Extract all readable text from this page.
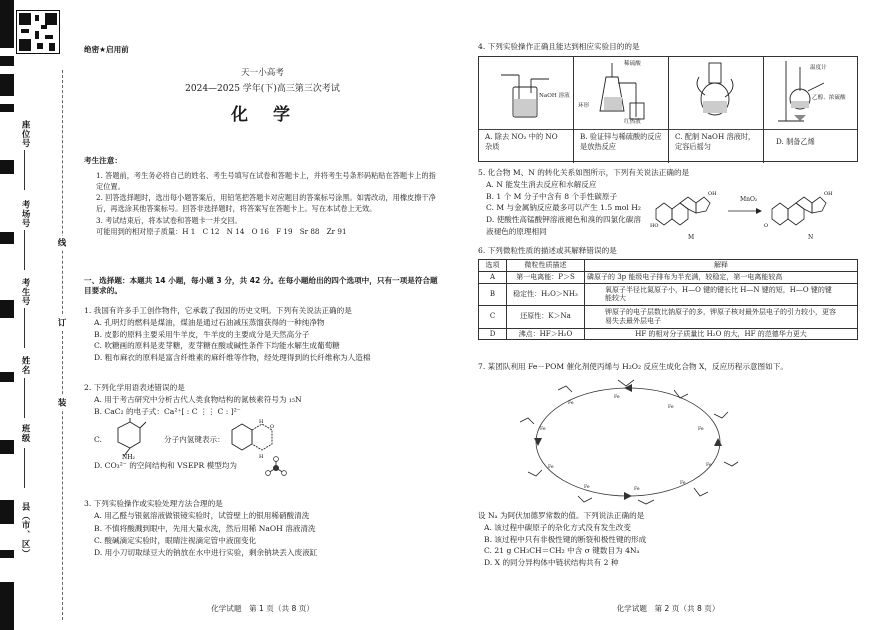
座位号
考场号
考生号
姓名
班级
县（市、区）
线
订
装
绝密★启用前
天一小高考
2024—2025 学年(下)高三第三次考试
化　学
考生注意：
1. 答题前，考生务必将自己的姓名、考生号填写在试卷和答题卡上，并将考生号条形码粘贴在答题卡上的指定位置。
2. 回答选择题时，选出每小题答案后，用铅笔把答题卡对应题目的答案标号涂黑。如需改动，用橡皮擦干净后，再选涂其他答案标号。回答非选择题时，将答案写在答题卡上。写在本试卷上无效。
3. 考试结束后，将本试卷和答题卡一并交回。
可能用到的相对原子质量：H 1　C 12　N 14　O 16　F 19　Sr 88　Zr 91
一、选择题：本题共 14 小题，每小题 3 分，共 42 分。在每小题给出的四个选项中，只有一项是符合题目要求的。
1. 我国有许多手工创作物件，它承载了我国的历史文明。下列有关说法正确的是
A. 孔明灯的燃料是煤油，煤油是通过石油减压蒸馏获得的一种纯净物
B. 皮影的原料主要采用牛羊皮，牛羊皮的主要成分是天然高分子
C. 吹糖画的原料是麦芽糖，麦芽糖在酸或碱性条件下均能水解生成葡萄糖
D. 粗布麻衣的原料是富含纤维素的麻纤维等作物，经处理得到的长纤维称为人造棉
2. 下列化学用语表述错误的是
A. 用于考古研究中分析古代人类食物结构的氮核素符号为 ₁₅N
B. CaC₂ 的电子式：Ca²⁺[ : C ⋮⋮ C : ]²⁻
C.
NH₂
分子内氢键表示：
H
O
H
D. CO₃²⁻ 的空间结构和 VSEPR 模型均为
3. 下列实验操作或实验处理方法合理的是
A. 用乙醛与银氨溶液做银镜实验时，试管壁上的银用稀硝酸清洗
B. 不慎将酸溅到眼中，先用大量水洗，然后用稀 NaOH 溶液清洗
C. 酸碱滴定实验时，眼睛注视滴定管中液面变化
D. 用小刀切取绿豆大的钠放在水中进行实验，剩余钠块丢入废液缸
化学试题　第 1 页（共 8 页）
4. 下列实验操作正确且能达到相应实验目的的是
NaOH 溶液
稀硫酸
环形
红热液
温度计
乙醇、浓硫酸
A. 除去 NO₂ 中的 NO 杂质
B. 验证锌与稀硫酸的反应是放热反应
C. 配制 NaOH 溶液时，定容后摇匀	D. 制备乙烯
5. 化合物 M、N 的转化关系如图所示，下列有关说法正确的是
A. N 能发生消去反应和水解反应
B. 1 个 M 分子中含有 8 个手性碳原子
C. M 与金属钠反应最多可以产生 1.5 mol H₂
D. 使酸性高锰酸钾溶液褪色和溴的四氯化碳溶液褪色的原理相同
HO
OH
O
OH
MnO₂
M	N
6. 下列微粒性质的描述或其解释错误的是
选项	微粒性质描述	解释
A	第一电离能：P＞S	磷原子的 3p 能级电子排布为半充满，较稳定，第一电离能较高
B	稳定性：H₂O＞NH₃	氧原子半径比氮原子小，H—O 键的键长比 H—N 键的短，H—O 键的键能较大
C	还原性：K＞Na	钾原子的电子层数比钠原子的多，钾原子核对最外层电子的引力较小，更容易失去最外层电子
D	沸点：HF＞H₂O	HF 的相对分子质量比 H₂O 的大，HF 的范德华力更大
7. 某团队利用 Fe－POM 催化剂使丙烯与 H₂O₂ 反应生成化合物 X，反应历程示意图如下。
Fe
Fe
Fe
Fe
Fe
Fe
Fe
Fe
Fe
Fe
设 Nₐ 为阿伏加德罗常数的值。下列说法正确的是
A. 该过程中碳原子的杂化方式没有发生改变
B. 该过程中只有非极性键的断裂和极性键的形成
C. 21 g CH₃CH＝CH₂ 中含 σ 键数目为 4Nₐ
D. X 的同分异构体中链状结构共有 2 种
化学试题　第 2 页（共 8 页）
